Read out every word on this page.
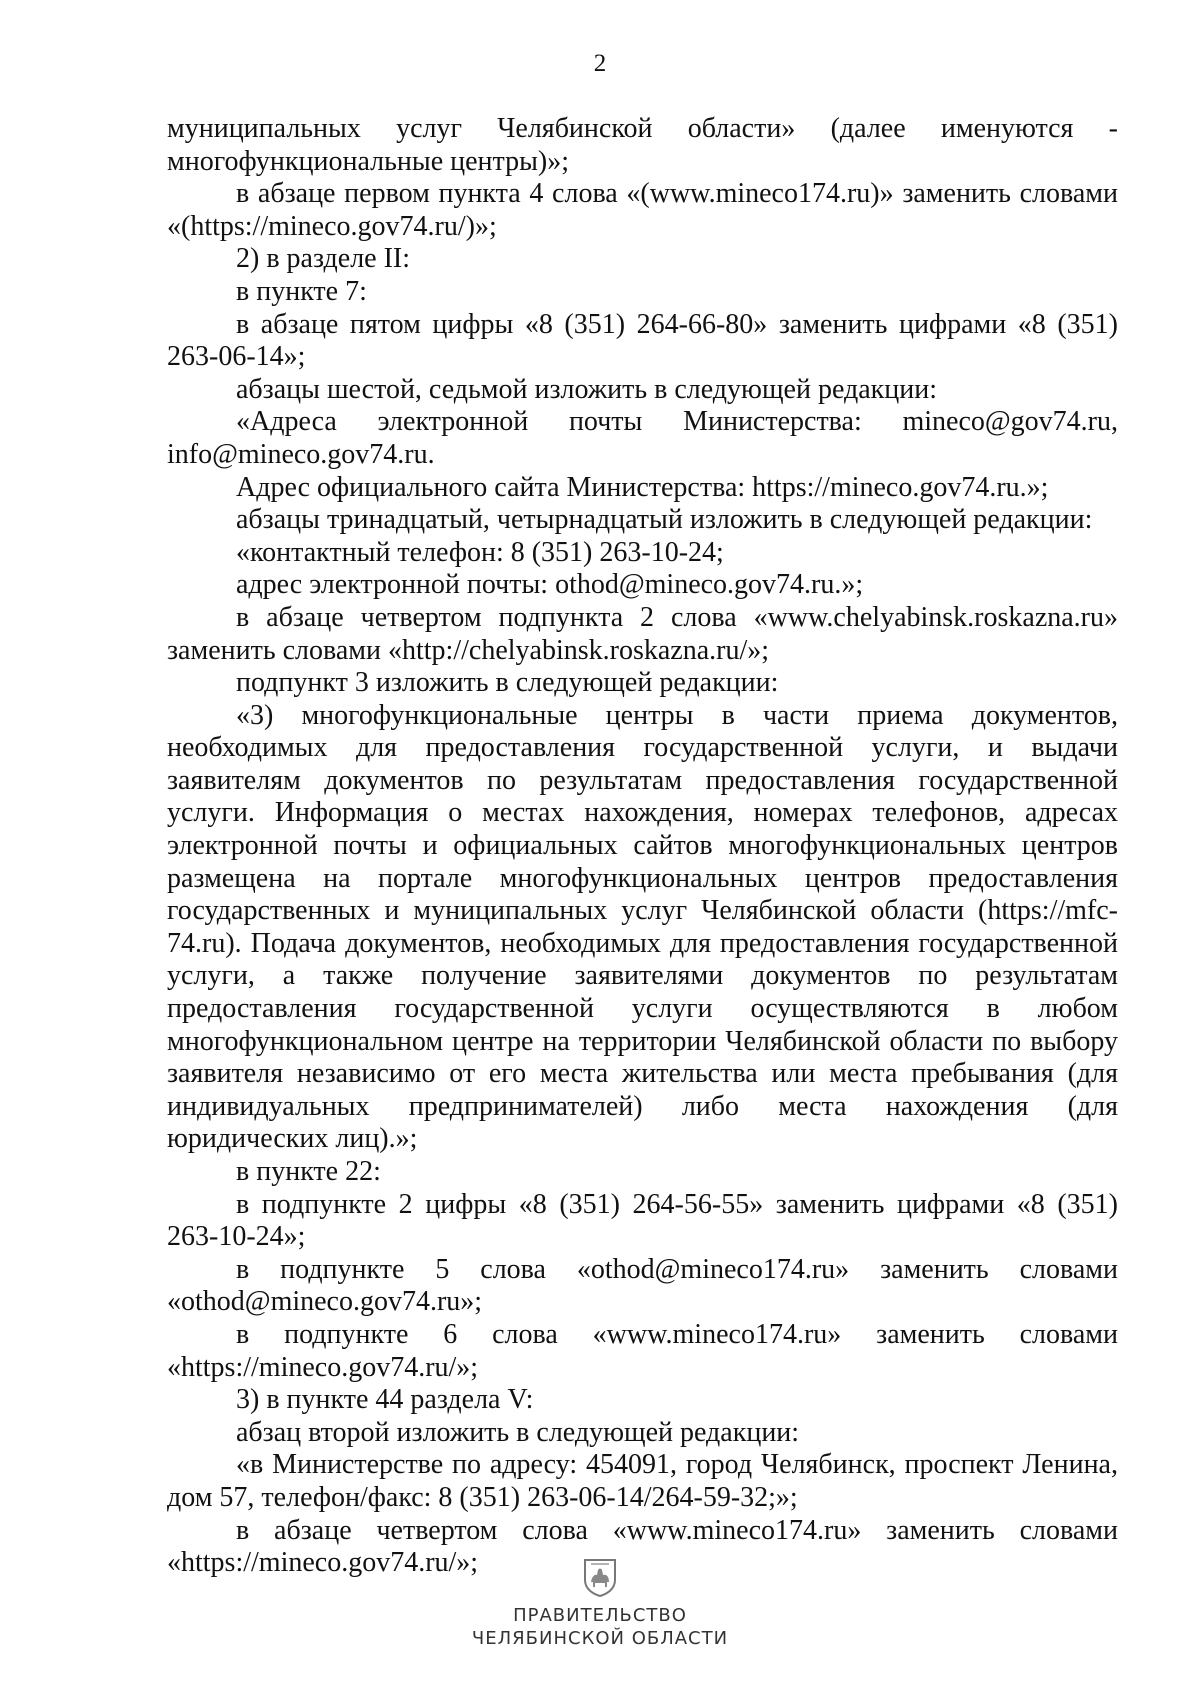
2

муниципальных услуг Челябинской области» (далее именуются - многофункциональные центры)»;

в абзаце первом пункта 4 слова «(www.mineco174.ru)» заменить словами «(https://mineco.gov74.ru/)»;

2) в разделе II:

в пункте 7:

в абзаце пятом цифры «8 (351) 264-66-80» заменить цифрами «8 (351) 263-06-14»;

абзацы шестой, седьмой изложить в следующей редакции:

«Адреса электронной почты Министерства: mineco@gov74.ru, info@mineco.gov74.ru.

Адрес официального сайта Министерства: https://mineco.gov74.ru.»;

абзацы тринадцатый, четырнадцатый изложить в следующей редакции:

«контактный телефон: 8 (351) 263-10-24;

адрес электронной почты: othod@mineco.gov74.ru.»;

в абзаце четвертом подпункта 2 слова «www.chelyabinsk.roskazna.ru» заменить словами «http://chelyabinsk.roskazna.ru/»;

подпункт 3 изложить в следующей редакции:

«3) многофункциональные центры в части приема документов, необходимых для предоставления государственной услуги, и выдачи заявителям документов по результатам предоставления государственной услуги. Информация о местах нахождения, номерах телефонов, адресах электронной почты и официальных сайтов многофункциональных центров размещена на портале многофункциональных центров предоставления государственных и муниципальных услуг Челябинской области (https://mfc-74.ru). Подача документов, необходимых для предоставления государственной услуги, а также получение заявителями документов по результатам предоставления государственной услуги осуществляются в любом многофункциональном центре на территории Челябинской области по выбору заявителя независимо от его места жительства или места пребывания (для индивидуальных предпринимателей) либо места нахождения (для юридических лиц).»;

в пункте 22:

в подпункте 2 цифры «8 (351) 264-56-55» заменить цифрами «8 (351) 263-10-24»;

в подпункте 5 слова «othod@mineco174.ru» заменить словами «othod@mineco.gov74.ru»;

в подпункте 6 слова «www.mineco174.ru» заменить словами «https://mineco.gov74.ru/»;

3) в пункте 44 раздела V:

абзац второй изложить в следующей редакции:

«в Министерстве по адресу: 454091, город Челябинск, проспект Ленина, дом 57, телефон/факс: 8 (351) 263-06-14/264-59-32;»;

в абзаце четвертом слова «www.mineco174.ru» заменить словами «https://mineco.gov74.ru/»;

ПРАВИТЕЛЬСТВО
ЧЕЛЯБИНСКОЙ ОБЛАСТИ
